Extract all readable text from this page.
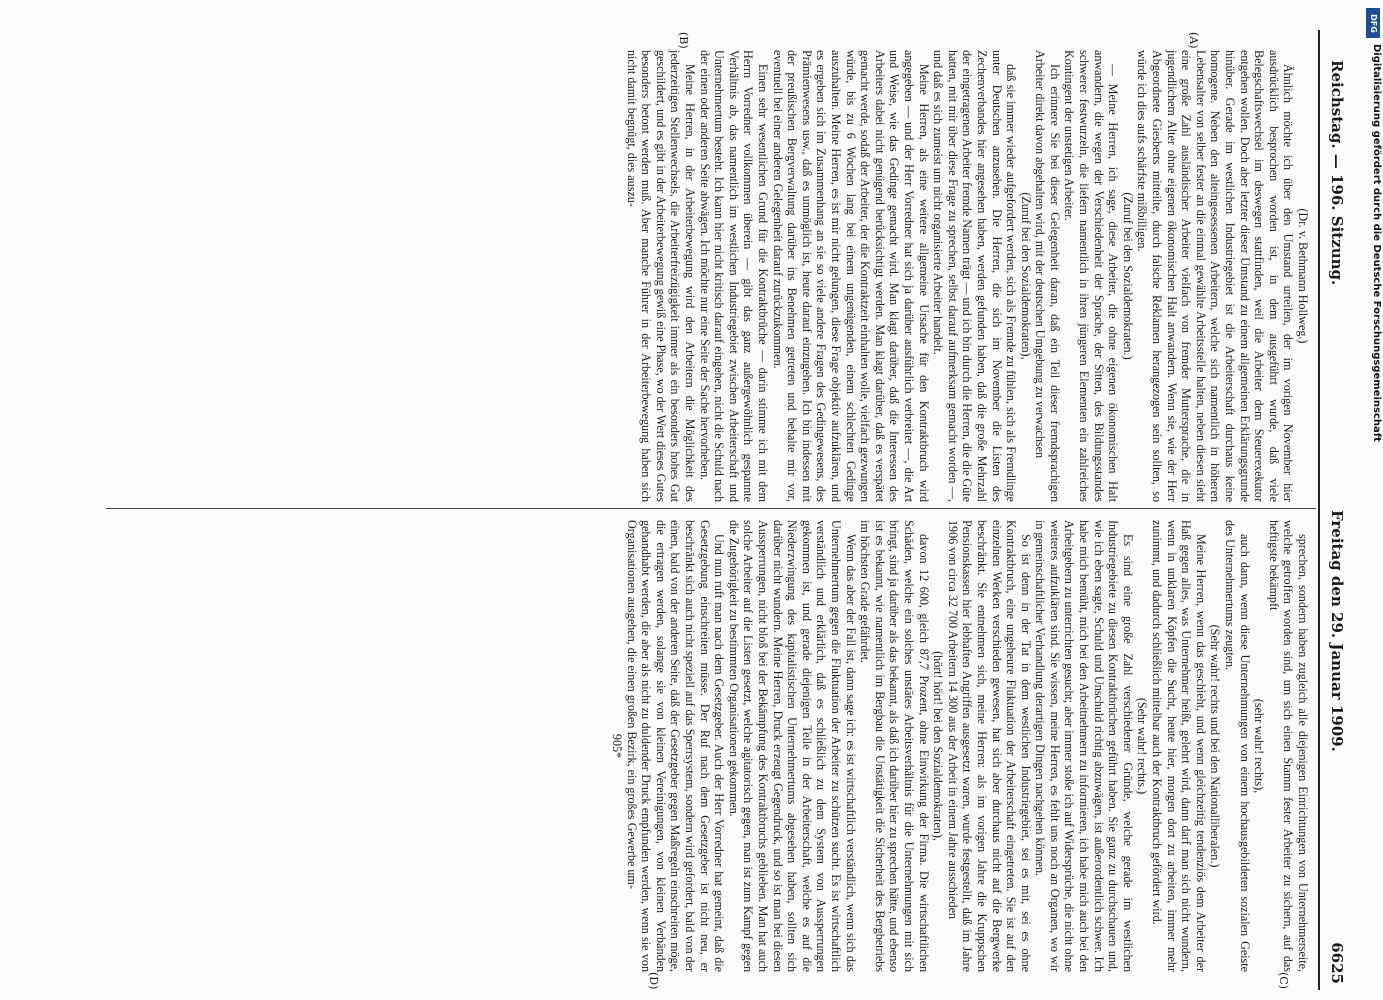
Reichstag. — 196. Sitzung.
Freitag den 29. Januar 1909.
6625
(A)
(B)
(C)
(D)

(Dr. v. Bethmann Hollweg.)

Ähnlich möchte ich über den Umstand urteilen, der im vorigen November hier ausdrücklich besprochen worden ist, in dem ausgeführt wurde, daß viele Belegschaftswechsel im deswegen stattfinden, weil die Arbeiter dem Steuerexekutor entgehen wollen. Doch aber letzter dieser Umstand zu einem allgemeinen Erklärungsgrunde hinüber. Gerade im westlichen Industriegebiet ist die Arbeiterschaft durchaus keine homogene. Neben den alteingesessenen Arbeitern, welche sich namentlich in höheren Lebensalter von selber fester an die einmal gewählte Arbeitsstelle halten, neben diesen sieht eine große Zahl ausländischer Arbeiter vielfach von fremder Muttersprache, die in jugendlichem Alter ohne eigenen ökonomischen Halt anwandern. Wenn sie, wie der Herr Abgeordnete Giesberts mitteilte, durch falsche Reklamen herangezogen sein sollten, so würde ich dies aufs schärfste mißbilligen.

(Zuruf bei den Sozialdemokraten.)

— Meine Herren, ich sage, diese Arbeiter, die ohne eigenen ökonomischen Halt anwandern, die wegen der Verschiedenheit der Sprache, der Sitten, des Bildungsstandes schwerer festwurzeln, die liefern namentlich in ihren jüngeren Elementen ein zahlreiches Kontingent der unstetigen Arbeiter.

Ich erinnere Sie bei dieser Gelegenheit daran, daß ein Teil dieser fremdsprachigen Arbeiter direkt davon abgehalten wird, mit der deutschen Umgebung zu verwachsen

(Zuruf bei den Sozialdemokraten),

daß sie immer wieder aufgefordert werden, sich als Fremde zu fühlen, sich als Fremdlinge unter Deutschen anzusehen. Die Herren, die sich im November die Listen des Zechenverbandes hier angesehen haben, werden gefunden haben, daß die große Mehrzahl der eingetragenen Arbeiter fremde Namen trägt — und ich bin durch die Herren, die die Güte hatten, mit mir über diese Frage zu sprechen, selbst darauf aufmerksam gemacht worden —, und daß es sich zumeist um nicht organisierte Arbeiter handelt.

Meine Herren, als eine weitere allgemeine Ursache für den Kontraktbruch wird angegeben — und der Herr Vorredner hat sich ja darüber ausführlich verbreitet —, die Art und Weise, wie das Gedinge gemacht wird. Man klagt darüber, daß die Interessen des Arbeiters dabei nicht genügend berücksichtigt werden. Man klagt darüber, daß es verspätet gemacht werde, sodaß der Arbeiter, der die Kontraktzeit einhalten wolle, vielfach gezwungen würde, bis zu 6 Wochen lang bei einem ungenügenden, einem schlechten Gedinge auszuhalten. Meine Herren, es ist mir nicht gelungen, diese Frage objektiv aufzuklären, und es ergeben sich im Zusammenhang an sie so viele andere Fragen des Gedingewesens, des Prämienwesens usw., daß es unmöglich ist, heute darauf einzugehen. Ich bin indessen mit der preußischen Bergverwaltung darüber ins Benehmen getreten und behalte mir vor, eventuell bei einer anderen Gelegenheit darauf zurückzukommen.

Einen sehr wesentlichen Grund für die Kontraktbrüche — darin stimme ich mit dem Herrn Vorredner vollkommen überein — gibt das ganz außergewöhnlich gespannte Verhältnis ab, das namentlich im westlichen Industriegebiet zwischen Arbeiterschaft und Unternehmertum besteht. Ich kann hier nicht kritisch darauf eingehen, nicht die Schuld nach der einen oder anderen Seite abwägen. Ich möchte nur eine Seite der Sache hervorheben.

Meine Herren, in der Arbeiterbewegung wird den Arbeitern die Möglichkeit des jederzeitigen Stellenwechsels, die Arbeiterfreizügigkeit immer als ein besonders hohes Gut geschildert, und es gibt in der Arbeiterbewegung gewiß eine Phase, wo der Wert dieses Gutes besonders betont werden muß. Aber manche Führer in der Arbeiterbewegung haben sich nicht damit begnügt, dies auszu-

sprechen, sondern haben zugleich alle diejenigen Einrichtungen von Unternehmerseite, welche getroffen worden sind, um sich einen Stamm fester Arbeiter zu sichern, auf das heftigste bekämpft

(sehr wahr! rechts),

auch dann, wenn diese Unternehmungen von einem hochausgebildeten sozialen Geiste des Unternehmertums zeugten.

(Sehr wahr! rechts und bei den Nationalliberalen.)

Meine Herren, wenn das geschieht, und wenn gleichzeitig tendenziös dem Arbeiter der Haß gegen alles, was Unternehmer heißt, gelehrt wird, dann darf man sich nicht wundern, wenn in unklaren Köpfen die Sucht, heute hier, morgen dort zu arbeiten, immer mehr zunimmt, und dadurch schließlich mittelbar auch der Kontraktbruch gefördert wird.

(Sehr wahr! rechts.)

Es sind eine große Zahl verschiedener Gründe, welche gerade im westlichen Industriegebiete zu diesen Kontraktbrüchen geführt haben. Sie ganz zu durchschauen und, wie ich eben sagte, Schuld und Unschuld richtig abzuwägen, ist außerordentlich schwer. Ich habe mich bemüht, mich bei den Arbeitnehmern zu informieren, ich habe mich auch bei den Arbeitgebern zu unterrichten gesucht; aber immer stoße ich auf Widersprüche, die nicht ohne weiteres aufzuklären sind. Sie wissen, meine Herren, es fehlt uns noch an Organen, wo wir in gemeinschaftlicher Verhandlung derartigen Dingen nachgehen können.

So ist denn in der Tat in dem westlichen Industriegebiet, sei es mit, sei es ohne Kontraktbruch, eine ungeheure Fluktuation der Arbeiterschaft eingetreten. Sie ist auf den einzelnen Werken verschieden gewesen, hat sich aber durchaus nicht auf die Bergwerke beschränkt. Sie entnehmen sich, meine Herren: als im vorigen Jahre die Kruppschen Pensionskassen hier lebhaften Angriffen ausgesetzt waren, wurde festgestellt, daß im Jahre 1906 von circa 32 700 Arbeitern 14 300 aus der Arbeit in einem Jahre ausschieden

(hört! hört! bei den Sozialdemokraten),

davon 12 600, gleich 87,7 Prozent, ohne Einwirkung der Firma. Die wirtschaftlichen Schäden, welche ein solches unstätes Arbeitsverhältnis für die Unternehmungen mit sich bringt, sind ja darüber als das bekannt, als daß ich darüber hier zu sprechen hätte, und ebenso ist es bekannt, wie namentlich im Bergbau die Unstätigkeit die Sicherheit des Bergbetriebs im höchsten Grade gefährdet.

Wenn das aber der Fall ist, dann sage ich: es ist wirtschaftlich verständlich, wenn sich das Unternehmertum gegen die Fluktuation der Arbeiter zu schützen sucht. Es ist wirtschaftlich verständlich und erklärlich, daß es schließlich zu dem System von Aussperrungen gekommen ist, und gerade diejenigen Teile in der Arbeiterschaft, welche es auf die Niederzwingung des kapitalistischen Unternehmertums abgesehen haben, sollten sich darüber nicht wundern. Meine Herren, Druck erzeugt Gegendruck, und so ist man bei diesen Aussperrungen, nicht bloß bei der Bekämpfung des Kontraktbruchs geblieben. Man hat auch solche Arbeiter auf die Listen gesetzt, welche agitatorisch gegen, man ist zum Kampf gegen die Zugehörigkeit zu bestimmten Organisationen gekommen.

Und nun ruft man nach dem Gesetzgeber. Auch der Herr Vorredner hat gemeint, daß die Gesetzgebung einschreiten müsse. Der Ruf nach dem Gesetzgeber ist nicht neu, er beschränkt sich auch nicht speziell auf das Sperrsystem, sondern wird gefordert, bald von der einen, bald von der anderen Seite, daß der Gesetzgeber gegen Maßregeln einschreiten möge, die ertragen werden, solange sie von kleinen Vereinigungen, von kleinen Verbänden gehandhabt werden, die aber als nicht zu duldender Druck empfunden werden, wenn sie von Organisationen ausgehen, die einen großen Bezirk, ein großes Gewerbe um-

905*

DFG
Digitalisierung gefördert durch die Deutsche Forschungsgemeinschaft
